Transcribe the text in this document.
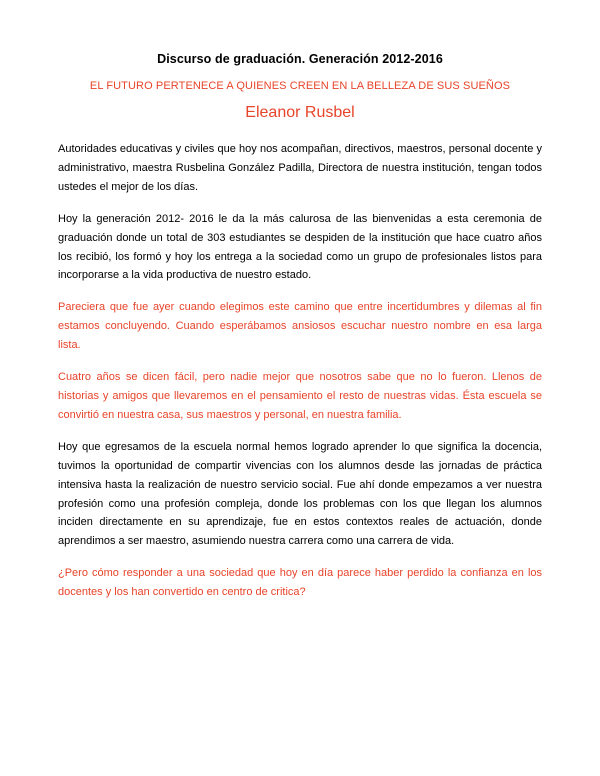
Discurso de graduación. Generación 2012-2016
EL FUTURO PERTENECE A QUIENES CREEN EN LA BELLEZA DE SUS SUEÑOS
Eleanor Rusbel

Autoridades educativas y civiles que hoy nos acompañan, directivos, maestros, personal docente y administrativo, maestra Rusbelina González Padilla, Directora de nuestra institución, tengan todos ustedes el mejor de los días.

Hoy la generación 2012- 2016 le da la más calurosa de las bienvenidas a esta ceremonia de graduación donde un total de 303 estudiantes se despiden de la institución que hace cuatro años los recibió, los formó y hoy los entrega a la sociedad como un grupo de profesionales listos para incorporarse a la vida productiva de nuestro estado.

Pareciera que fue ayer cuando elegimos este camino que entre incertidumbres y dilemas al fin estamos concluyendo. Cuando esperábamos ansiosos escuchar nuestro nombre en esa larga lista.

Cuatro años se dicen fácil, pero nadie mejor que nosotros sabe que no lo fueron. Llenos de historias y amigos que llevaremos en el pensamiento el resto de nuestras vidas. Ésta escuela se convirtió en nuestra casa, sus maestros y personal, en nuestra familia.

Hoy que egresamos de la escuela normal hemos logrado aprender lo que significa la docencia, tuvimos la oportunidad de compartir vivencias con los alumnos desde las jornadas de práctica intensiva hasta la realización de nuestro servicio social. Fue ahí donde empezamos a ver nuestra profesión como una profesión compleja, donde los problemas con los que llegan los alumnos inciden directamente en su aprendizaje, fue en estos contextos reales de actuación, donde aprendimos a ser maestro, asumiendo nuestra carrera como una carrera de vida.

¿Pero cómo responder a una sociedad que hoy en día parece haber perdido la confianza en los docentes y los han convertido en centro de critica?
